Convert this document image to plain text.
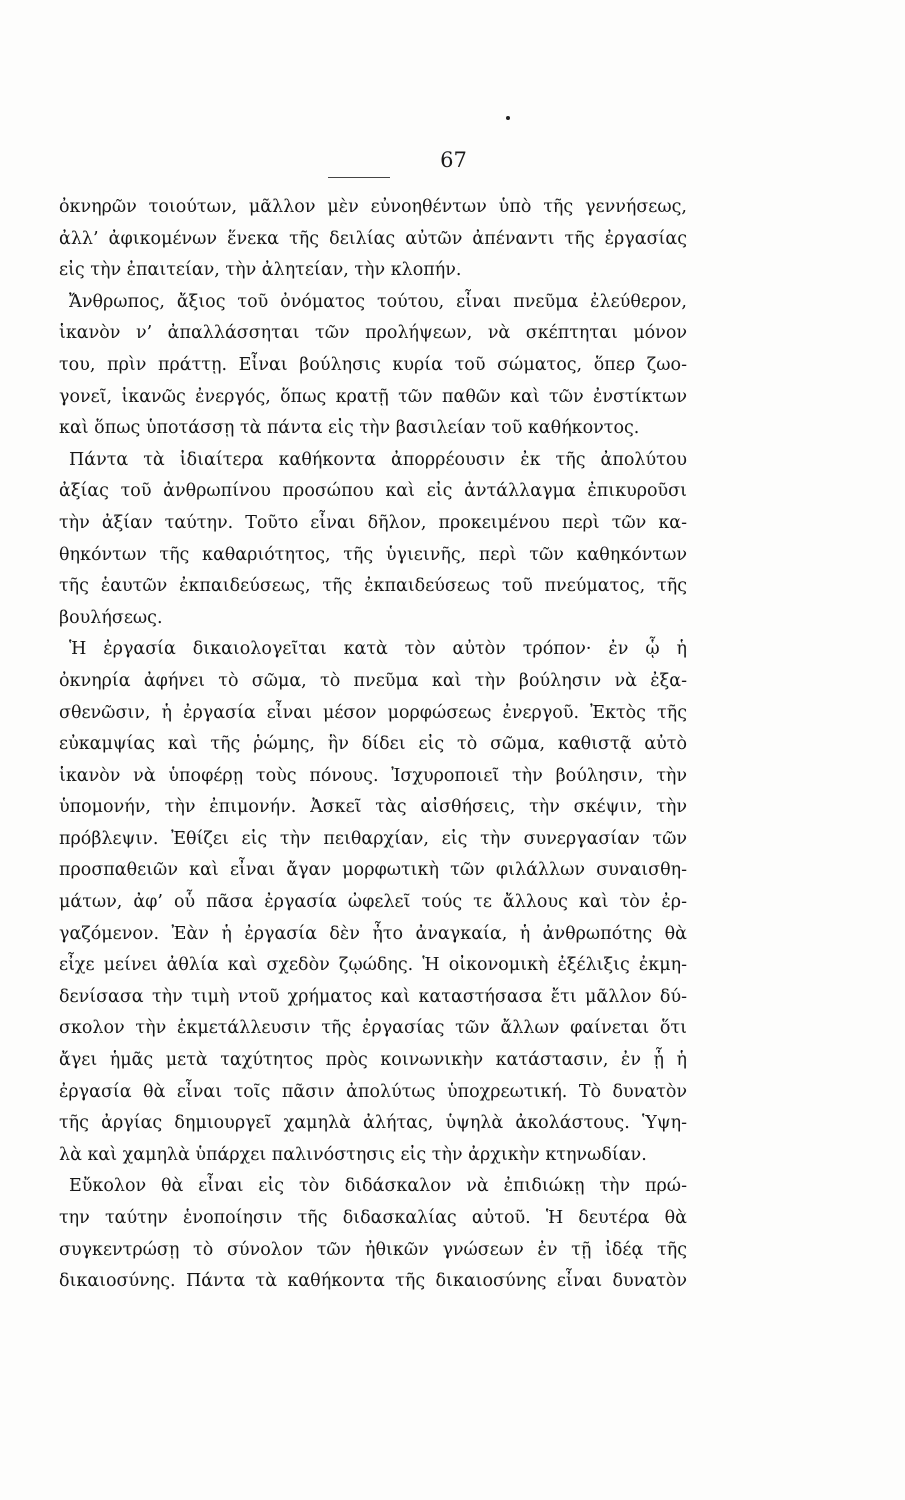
67
ὀκνηρῶν τοιούτων, μᾶλλον μὲν εὐνοηθέντων ὑπὸ τῆς γεννήσεως,
ἀλλ’ ἀφικομένων ἕνεκα τῆς δειλίας αὐτῶν ἀπέναντι τῆς ἐργασίας
εἰς τὴν ἐπαιτείαν, τὴν ἀλητείαν, τὴν κλοπήν.
Ἄνθρωπος, ἄξιος τοῦ ὀνόματος τούτου, εἶναι πνεῦμα ἐλεύθερον,
ἱκανὸν ν’ ἀπαλλάσσηται τῶν προλήψεων, νὰ σκέπτηται μόνον
του, πρὶν πράττῃ. Εἶναι βούλησις κυρία τοῦ σώματος, ὅπερ ζωο-
γονεῖ, ἱκανῶς ἐνεργός, ὅπως κρατῇ τῶν παθῶν καὶ τῶν ἐνστίκτων
καὶ ὅπως ὑποτάσσῃ τὰ πάντα εἰς τὴν βασιλείαν τοῦ καθήκοντος.
Πάντα τὰ ἰδιαίτερα καθήκοντα ἀπορρέουσιν ἐκ τῆς ἀπολύτου
ἀξίας τοῦ ἀνθρωπίνου προσώπου καὶ εἰς ἀντάλλαγμα ἐπικυροῦσι
τὴν ἀξίαν ταύτην. Τοῦτο εἶναι δῆλον, προκειμένου περὶ τῶν κα-
θηκόντων τῆς καθαριότητος, τῆς ὑγιεινῆς, περὶ τῶν καθηκόντων
τῆς ἑαυτῶν ἐκπαιδεύσεως, τῆς ἐκπαιδεύσεως τοῦ πνεύματος, τῆς
βουλήσεως.
Ἡ ἐργασία δικαιολογεῖται κατὰ τὸν αὐτὸν τρόπον· ἐν ᾧ ἡ
ὀκνηρία ἀφήνει τὸ σῶμα, τὸ πνεῦμα καὶ τὴν βούλησιν νὰ ἐξα-
σθενῶσιν, ἡ ἐργασία εἶναι μέσον μορφώσεως ἐνεργοῦ. Ἐκτὸς τῆς
εὐκαμψίας καὶ τῆς ῥώμης, ἣν δίδει εἰς τὸ σῶμα, καθιστᾷ αὐτὸ
ἱκανὸν νὰ ὑποφέρῃ τοὺς πόνους. Ἰσχυροποιεῖ τὴν βούλησιν, τὴν
ὑπομονήν, τὴν ἐπιμονήν. Ἀσκεῖ τὰς αἰσθήσεις, τὴν σκέψιν, τὴν
πρόβλεψιν. Ἐθίζει εἰς τὴν πειθαρχίαν, εἰς τὴν συνεργασίαν τῶν
προσπαθειῶν καὶ εἶναι ἄγαν μορφωτικὴ τῶν φιλάλλων συναισθη-
μάτων, ἀφ’ οὗ πᾶσα ἐργασία ὠφελεῖ τούς τε ἄλλους καὶ τὸν ἐρ-
γαζόμενον. Ἐὰν ἡ ἐργασία δὲν ἦτο ἀναγκαία, ἡ ἀνθρωπότης θὰ
εἶχε μείνει ἀθλία καὶ σχεδὸν ζῳώδης. Ἡ οἰκονομικὴ ἐξέλιξις ἐκμη-
δενίσασα τὴν τιμὴ ντοῦ χρήματος καὶ καταστήσασα ἔτι μᾶλλον δύ-
σκολον τὴν ἐκμετάλλευσιν τῆς ἐργασίας τῶν ἄλλων φαίνεται ὅτι
ἄγει ἡμᾶς μετὰ ταχύτητος πρὸς κοινωνικὴν κατάστασιν, ἐν ᾗ ἡ
ἐργασία θὰ εἶναι τοῖς πᾶσιν ἀπολύτως ὑποχρεωτική. Τὸ δυνατὸν
τῆς ἀργίας δημιουργεῖ χαμηλὰ ἀλήτας, ὑψηλὰ ἀκολάστους. Ὑψη-
λὰ καὶ χαμηλὰ ὑπάρχει παλινόστησις εἰς τὴν ἀρχικὴν κτηνωδίαν.
Εὔκολον θὰ εἶναι εἰς τὸν διδάσκαλον νὰ ἐπιδιώκῃ τὴν πρώ-
την ταύτην ἑνοποίησιν τῆς διδασκαλίας αὐτοῦ. Ἡ δευτέρα θὰ
συγκεντρώσῃ τὸ σύνολον τῶν ἠθικῶν γνώσεων ἐν τῇ ἰδέᾳ τῆς
δικαιοσύνης. Πάντα τὰ καθήκοντα τῆς δικαιοσύνης εἶναι δυνατὸν
